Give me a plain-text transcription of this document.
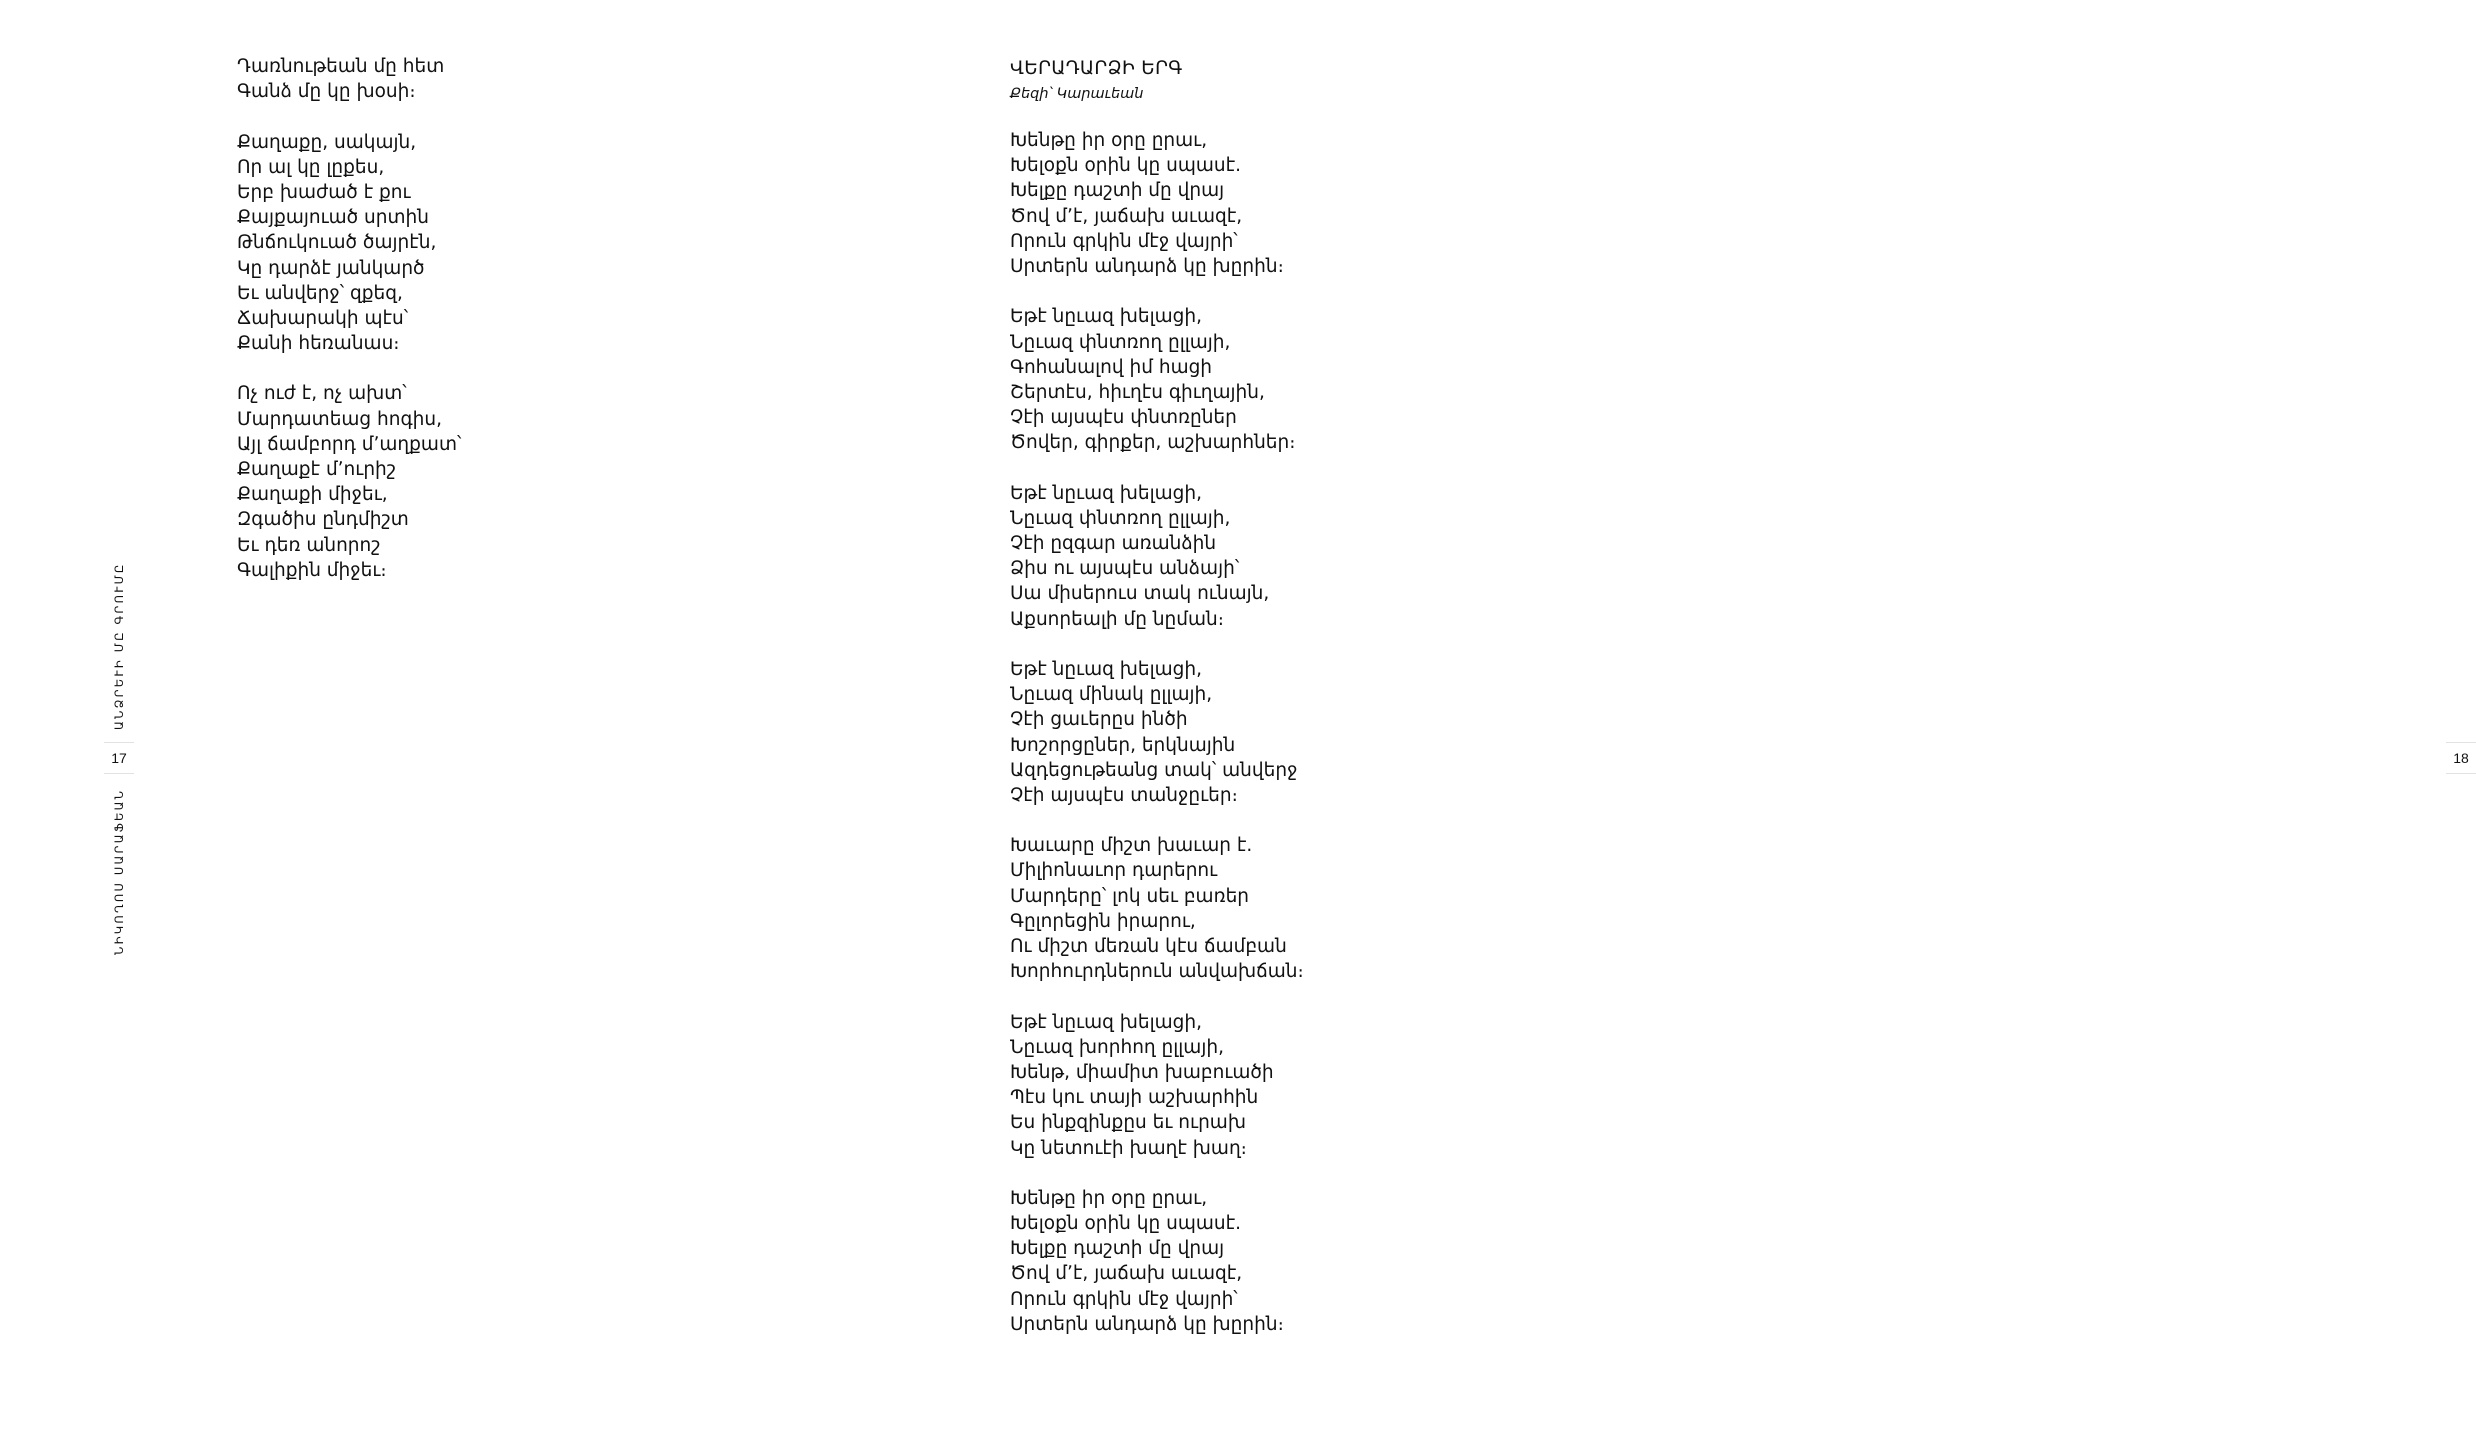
ԱՆՁՐԵՒԻ ՄԸ ԳՐՈՒՄԸ
ՆԻԿՈՂՈՍ ՍԱՐԱՖԵԱՆ
17	18
Դառնութեան մը հետ
Գանձ մը կը խօսի։
Քաղաքը, սակայն,
Որ ալ կը լըքես,
Երբ խաժած է քու
Քայքայուած սրտին
Թնճուկուած ծայրէն,
Կը դարձէ յանկարծ
Եւ անվերջ՝ զքեզ,
Ճախարակի պէս՝
Քանի հեռանաս։
Ոչ ուժ է, ոչ ախտ՝
Մարդատեաց հոգիս,
Այլ ճամբորդ մ՚աղքատ՝
Քաղաքէ մ՚ուրիշ
Քաղաքի միջեւ,
Զգածիս ընդմիշտ
Եւ դեռ անորոշ
Գալիքին միջեւ։
ՎԵՐԱԴԱՐՁԻ ԵՐԳ
Քեզի՝ Կարաւեան
Խենթը իր օրը ըրաւ,
Խելօքն օրին կը սպասէ.
Խելքը դաշտի մը վրայ
Ծով մ՚է, յաճախ աւազէ,
Որուն գրկին մէջ վայրի՝
Սրտերն անդարձ կը խըրին։
Եթէ նըւազ խելացի,
Նըւազ փնտռող ըլլայի,
Գոհանալով իմ հացի
Շերտէս, հիւղէս գիւղային,
Չէի այսպէս փնտռըներ
Ծովեր, գիրքեր, աշխարհներ։
Եթէ նըւազ խելացի,
Նըւազ փնտռող ըլլայի,
Չէի ըզգար առանձին
Ձիս ու այսպէս անձայի՝
Սա միսերուս տակ ունայն,
Աքսորեալի մը նըման։
Եթէ նըւազ խելացի,
Նըւազ մինակ ըլլայի,
Չէի ցաւերըս ինծի
Խոշորցըներ, երկնային
Ազդեցութեանց տակ՝ անվերջ
Չէի այսպէս տանջըւեր։
Խաւարը միշտ խաւար է.
Միլիոնաւոր դարերու
Մարդերը՝ լոկ սեւ բառեր
Գըլորեցին իրարու,
Ու միշտ մեռան կէս ճամբան
Խորհուրդներուն անվախճան։
Եթէ նըւազ խելացի,
Նըւազ խորհող ըլլայի,
Խենթ, միամիտ խաբուածի
Պէս կու տայի աշխարհին
Ես ինքզինքըս եւ ուրախ
Կը նետուէի խաղէ խաղ։
Խենթը իր օրը ըրաւ,
Խելօքն օրին կը սպասէ.
Խելքը դաշտի մը վրայ
Ծով մ՚է, յաճախ աւազէ,
Որուն գրկին մէջ վայրի՝
Սրտերն անդարձ կը խըրին։
